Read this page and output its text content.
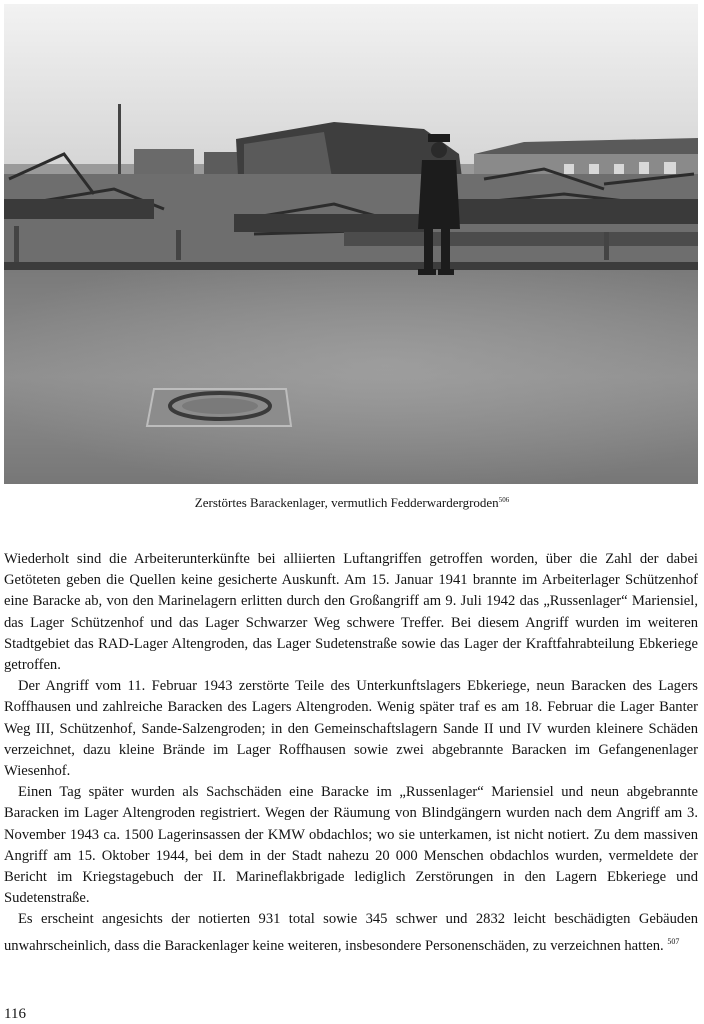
Zerstörtes Barackenlager, vermutlich Fedderwardergroden$^{506}$

Wiederholt sind die Arbeiterunterkünfte bei alliierten Luftangriffen getroffen worden, über die Zahl der dabei Getöteten geben die Quellen keine gesicherte Auskunft. Am 15. Januar 1941 brannte im Arbeiterlager Schützenhof eine Baracke ab, von den Marinelagern erlitten durch den Großangriff am 9. Juli 1942 das „Russenlager“ Mariensiel, das Lager Schützenhof und das Lager Schwarzer Weg schwere Treffer. Bei diesem Angriff wurden im weiteren Stadtgebiet das RAD-Lager Altengroden, das Lager Sudetenstraße sowie das Lager der Kraftfahrabteilung Ebkeriege getroffen.

Der Angriff vom 11. Februar 1943 zerstörte Teile des Unterkunftslagers Ebkeriege, neun Baracken des Lagers Roffhausen und zahlreiche Baracken des Lagers Altengroden. Wenig später traf es am 18. Februar die Lager Banter Weg III, Schützenhof, Sande-Salzengroden; in den Gemeinschaftslagern Sande II und IV wurden kleinere Schäden verzeichnet, dazu kleine Brände im Lager Roffhausen sowie zwei abgebrannte Baracken im Gefangenenlager Wiesenhof.

Einen Tag später wurden als Sachschäden eine Baracke im „Russenlager“ Mariensiel und neun abgebrannte Baracken im Lager Altengroden registriert. Wegen der Räumung von Blindgängern wurden nach dem Angriff am 3. November 1943 ca. 1500 Lagerinsassen der KMW obdachlos; wo sie unterkamen, ist nicht notiert. Zu dem massiven Angriff am 15. Oktober 1944, bei dem in der Stadt nahezu 20 000 Menschen obdachlos wurden, vermeldete der Bericht im Kriegstagebuch der II. Marineflakbrigade lediglich Zerstörungen in den Lagern Ebkeriege und Sudetenstraße.

Es erscheint angesichts der notierten 931 total sowie 345 schwer und 2832 leicht beschädigten Gebäuden unwahrscheinlich, dass die Barackenlager keine weiteren, insbesondere Personenschäden, zu verzeichnen hatten. $^{507}$

116
